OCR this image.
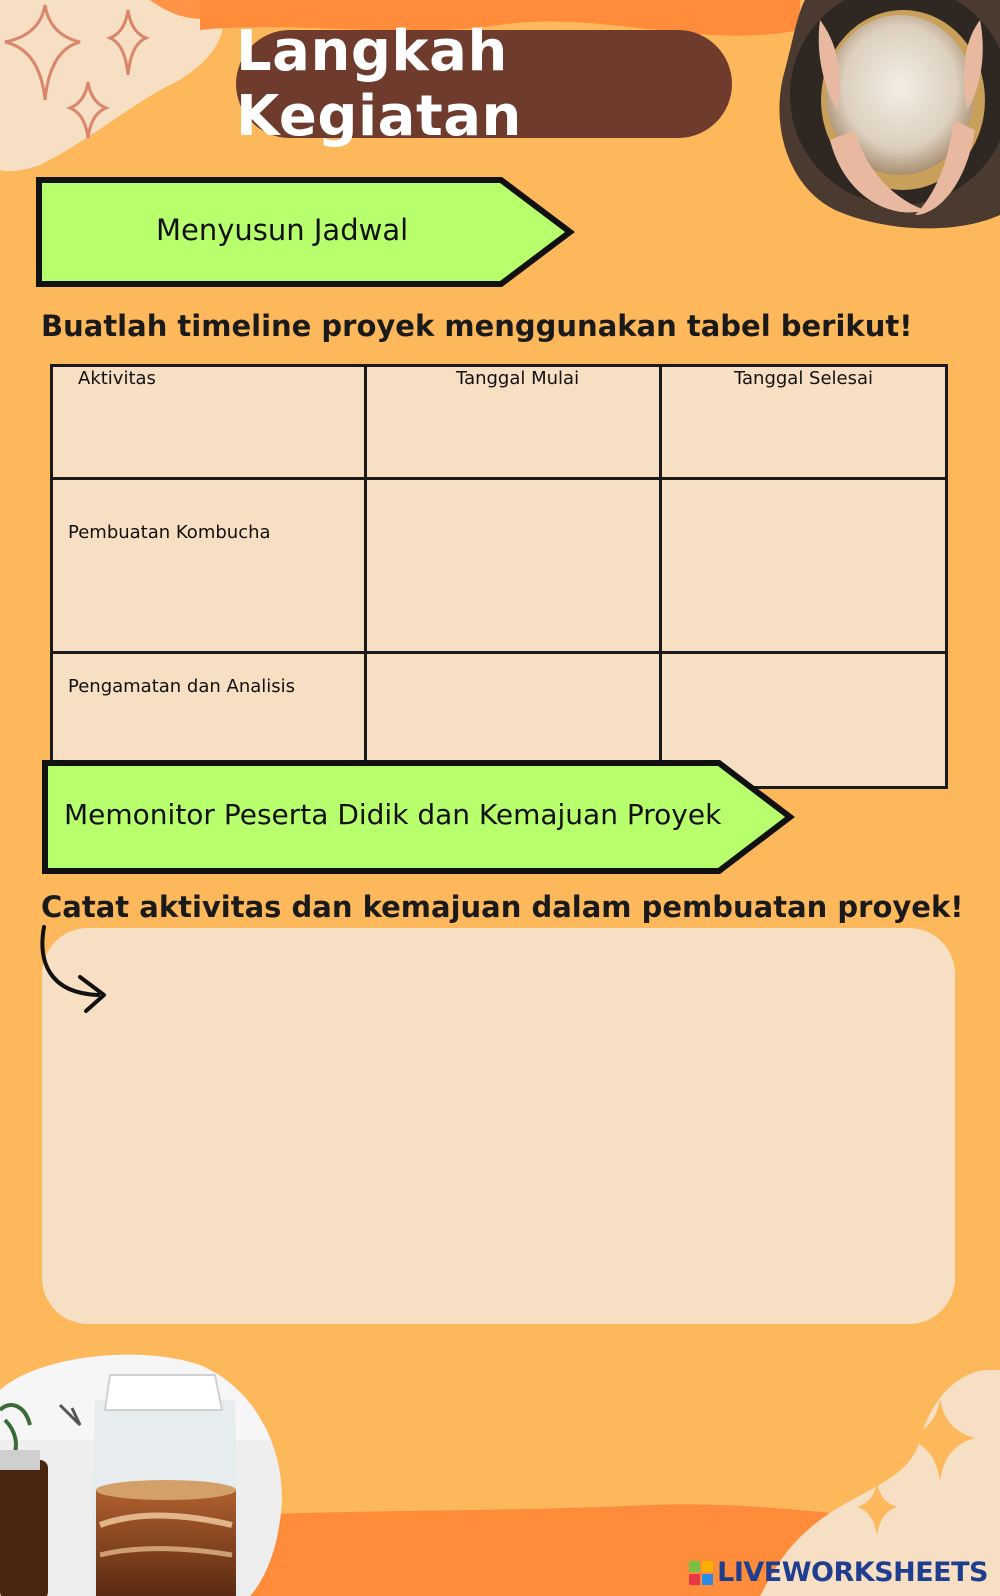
Langkah Kegiatan
Menyusun Jadwal
Buatlah timeline proyek menggunakan tabel berikut!
Aktivitas	Tanggal Mulai	Tanggal Selesai
Pembuatan Kombucha		
Pengamatan dan Analisis		
Memonitor Peserta Didik dan Kemajuan Proyek
Catat aktivitas dan kemajuan dalam pembuatan proyek!
LIVEWORKSHEETS
